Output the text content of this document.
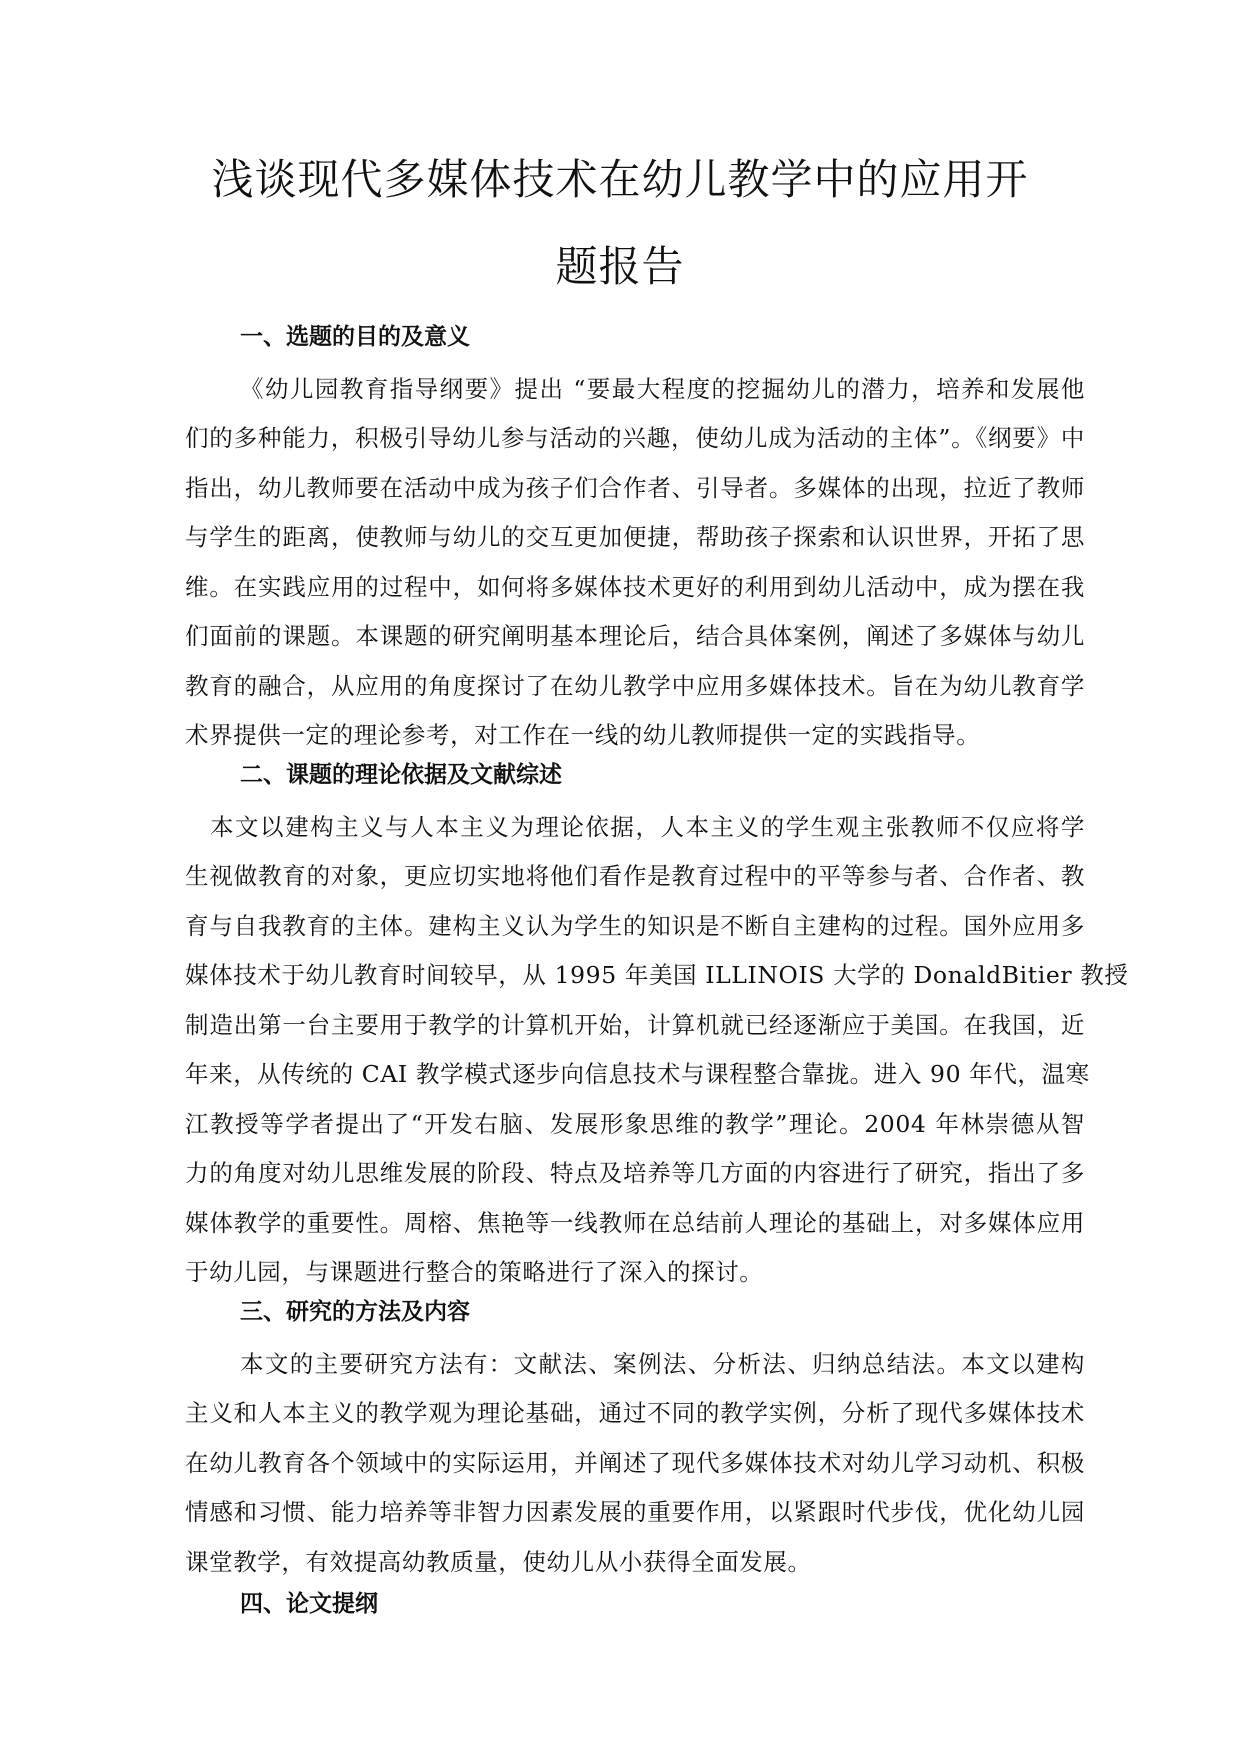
浅谈现代多媒体技术在幼儿教学中的应用开
题报告
一、选题的目的及意义

《幼儿园教育指导纲要》提出 “要最大程度的挖掘幼儿的潜力，培养和发展他

们的多种能力，积极引导幼儿参与活动的兴趣，使幼儿成为活动的主体”。《纲要》中

指出，幼儿教师要在活动中成为孩子们合作者、引导者。多媒体的出现，拉近了教师

与学生的距离，使教师与幼儿的交互更加便捷，帮助孩子探索和认识世界，开拓了思

维。在实践应用的过程中，如何将多媒体技术更好的利用到幼儿活动中，成为摆在我

们面前的课题。本课题的研究阐明基本理论后，结合具体案例，阐述了多媒体与幼儿

教育的融合，从应用的角度探讨了在幼儿教学中应用多媒体技术。旨在为幼儿教育学

术界提供一定的理论参考，对工作在一线的幼儿教师提供一定的实践指导。

二、课题的理论依据及文献综述

本文以建构主义与人本主义为理论依据，人本主义的学生观主张教师不仅应将学

生视做教育的对象，更应切实地将他们看作是教育过程中的平等参与者、合作者、教

育与自我教育的主体。建构主义认为学生的知识是不断自主建构的过程。国外应用多

媒体技术于幼儿教育时间较早，从 1995 年美国 ILLINOIS 大学的 DonaldBitier 教授

制造出第一台主要用于教学的计算机开始，计算机就已经逐渐应于美国。在我国，近

年来，从传统的 CAI 教学模式逐步向信息技术与课程整合靠拢。进入 90 年代，温寒

江教授等学者提出了“开发右脑、发展形象思维的教学”理论。2004 年林崇德从智

力的角度对幼儿思维发展的阶段、特点及培养等几方面的内容进行了研究，指出了多

媒体教学的重要性。周榕、焦艳等一线教师在总结前人理论的基础上，对多媒体应用

于幼儿园，与课题进行整合的策略进行了深入的探讨。

三、研究的方法及内容

本文的主要研究方法有：文献法、案例法、分析法、归纳总结法。本文以建构

主义和人本主义的教学观为理论基础，通过不同的教学实例，分析了现代多媒体技术

在幼儿教育各个领域中的实际运用，并阐述了现代多媒体技术对幼儿学习动机、积极

情感和习惯、能力培养等非智力因素发展的重要作用，以紧跟时代步伐，优化幼儿园

课堂教学，有效提高幼教质量，使幼儿从小获得全面发展。

四、论文提纲
